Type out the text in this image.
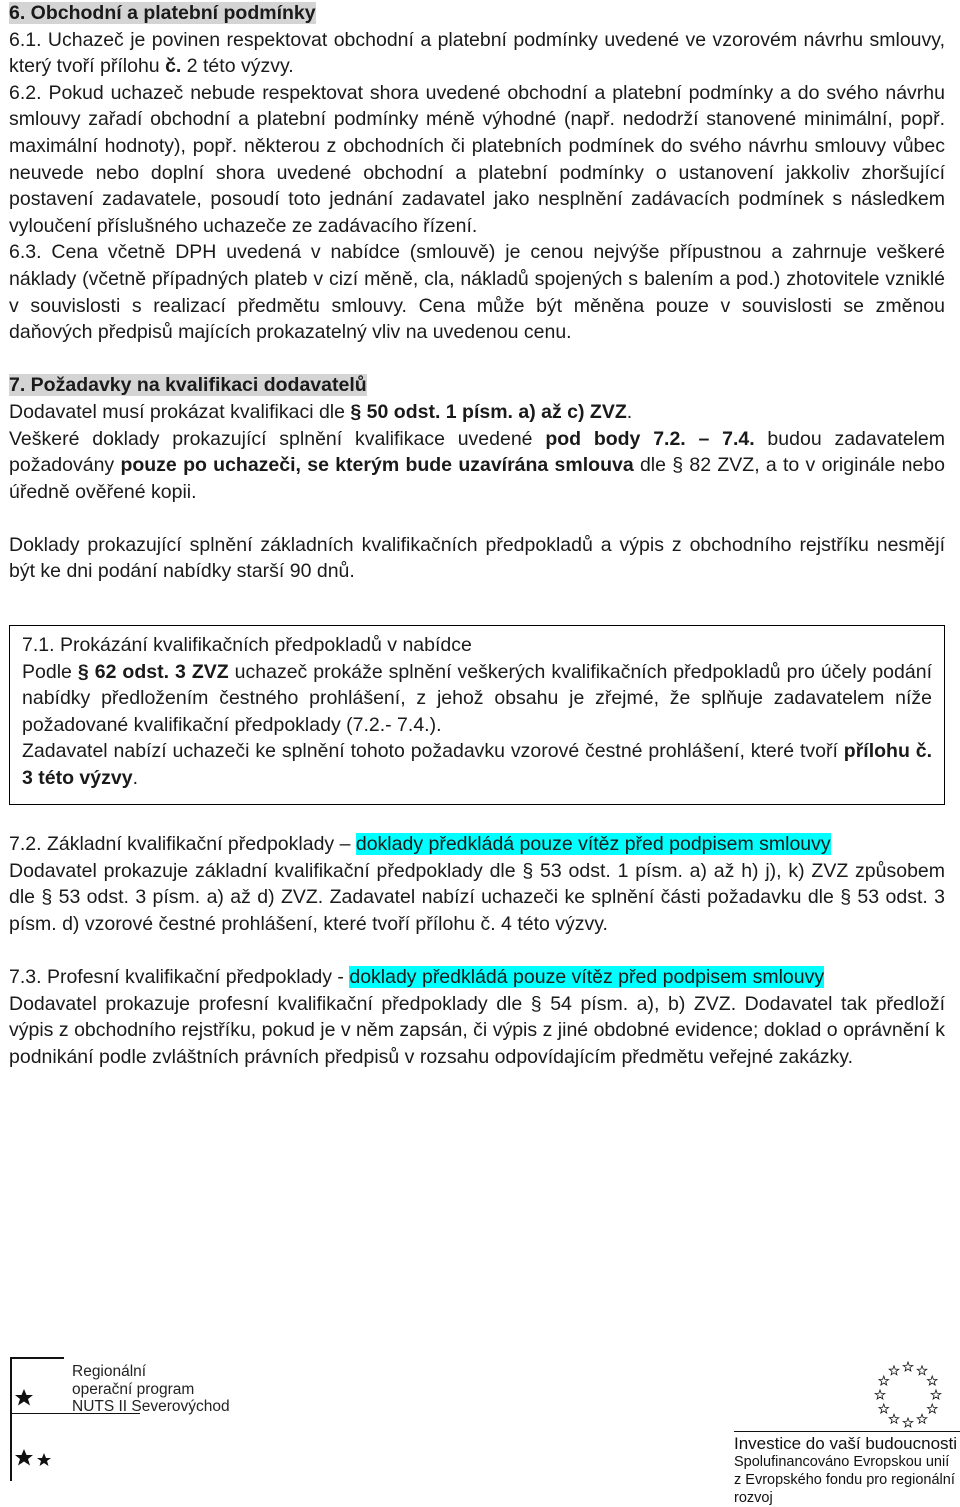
6. Obchodní a platební podmínky

6.1. Uchazeč je povinen respektovat obchodní a platební podmínky uvedené ve vzorovém návrhu smlouvy, který tvoří přílohu č. 2 této výzvy.

6.2. Pokud uchazeč nebude respektovat shora uvedené obchodní a platební podmínky a do svého návrhu smlouvy zařadí obchodní a platební podmínky méně výhodné (např. nedodrží stanovené minimální, popř. maximální hodnoty), popř. některou z obchodních či platebních podmínek do svého návrhu smlouvy vůbec neuvede nebo doplní shora uvedené obchodní a platební podmínky o ustanovení jakkoliv zhoršující postavení zadavatele, posoudí toto jednání zadavatel jako nesplnění zadávacích podmínek s následkem vyloučení příslušného uchazeče ze zadávacího řízení.

6.3. Cena včetně DPH uvedená v nabídce (smlouvě) je cenou nejvýše přípustnou a zahrnuje veškeré náklady (včetně případných plateb v cizí měně, cla, nákladů spojených s balením a pod.) zhotovitele vzniklé v souvislosti s realizací předmětu smlouvy. Cena může být měněna pouze v souvislosti se změnou daňových předpisů majících prokazatelný vliv na uvedenou cenu.

7. Požadavky na kvalifikaci dodavatelů

Dodavatel musí prokázat kvalifikaci dle § 50 odst. 1 písm. a) až c) ZVZ.

Veškeré doklady prokazující splnění kvalifikace uvedené pod body 7.2. – 7.4. budou zadavatelem požadovány pouze po uchazeči, se kterým bude uzavírána smlouva dle § 82 ZVZ, a to v originále nebo úředně ověřené kopii.

Doklady prokazující splnění základních kvalifikačních předpokladů a výpis z obchodního rejstříku nesmějí být ke dni podání nabídky starší 90 dnů.

7.1. Prokázání kvalifikačních předpokladů v nabídce

Podle § 62 odst. 3 ZVZ uchazeč prokáže splnění veškerých kvalifikačních předpokladů pro účely podání nabídky předložením čestného prohlášení, z jehož obsahu je zřejmé, že splňuje zadavatelem níže požadované kvalifikační předpoklady (7.2.- 7.4.).

Zadavatel nabízí uchazeči ke splnění tohoto požadavku vzorové čestné prohlášení, které tvoří přílohu č. 3 této výzvy.

7.2. Základní kvalifikační předpoklady – doklady předkládá pouze vítěz před podpisem smlouvy

Dodavatel prokazuje základní kvalifikační předpoklady dle § 53 odst. 1 písm. a) až h) j), k) ZVZ způsobem dle § 53 odst. 3 písm. a) až d) ZVZ. Zadavatel nabízí uchazeči ke splnění části požadavku dle § 53 odst. 3 písm. d) vzorové čestné prohlášení, které tvoří přílohu č. 4 této výzvy.

7.3. Profesní kvalifikační předpoklady - doklady předkládá pouze vítěz před podpisem smlouvy

Dodavatel prokazuje profesní kvalifikační předpoklady dle § 54 písm. a), b) ZVZ. Dodavatel tak předloží výpis z obchodního rejstříku, pokud je v něm zapsán, či výpis z jiné obdobné evidence; doklad o oprávnění k podnikání podle zvláštních právních předpisů v rozsahu odpovídajícím předmětu veřejné zakázky.

Regionální
operační program
NUTS II Severovýchod
Investice do vaší budoucnosti
Spolufinancováno Evropskou unií
z Evropského fondu pro regionální rozvoj
